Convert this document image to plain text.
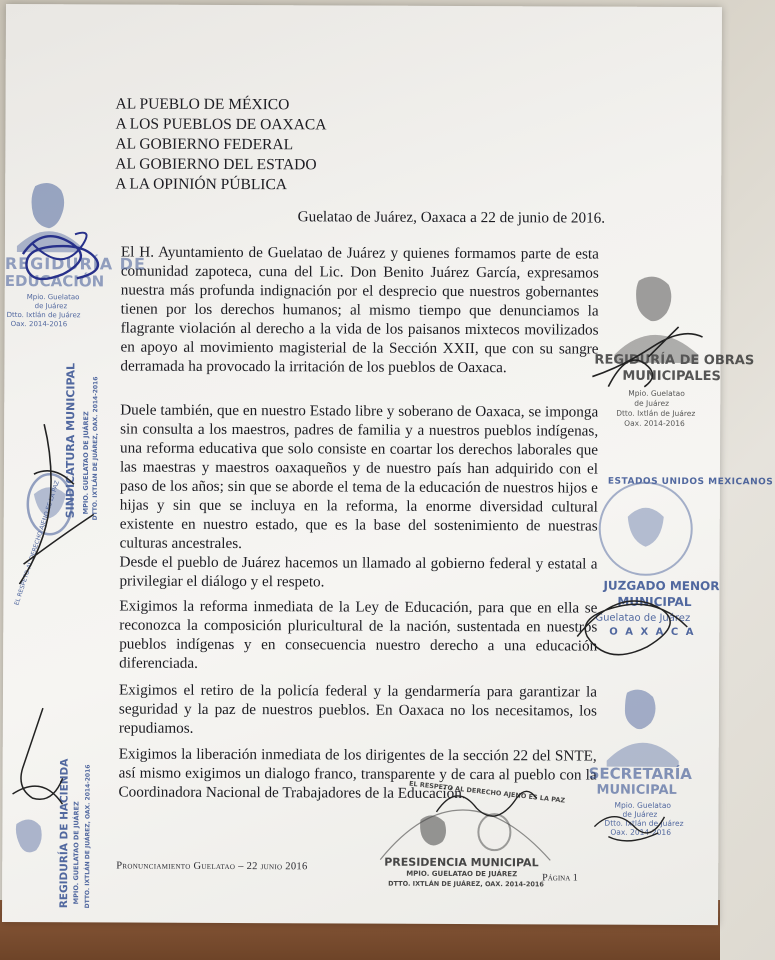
AL PUEBLO DE MÉXICO
A LOS PUEBLOS DE OAXACA
AL GOBIERNO FEDERAL
AL GOBIERNO DEL ESTADO
A LA OPINIÓN PÚBLICA
Guelatao de Juárez, Oaxaca a 22 de junio de 2016.
El H. Ayuntamiento de Guelatao de Juárez y quienes formamos parte de esta comunidad zapoteca, cuna del Lic. Don Benito Juárez García, expresamos nuestra más profunda indignación por el desprecio que nuestros gobernantes tienen por los derechos humanos; al mismo tiempo que denunciamos la flagrante violación al derecho a la vida de los paisanos mixtecos movilizados en apoyo al movimiento magisterial de la Sección XXII, que con su sangre derramada ha provocado la irritación de los pueblos de Oaxaca.
Duele también, que en nuestro Estado libre y soberano de Oaxaca, se imponga sin consulta a los maestros, padres de familia y a nuestros pueblos indígenas, una reforma educativa que solo consiste en coartar los derechos laborales que las maestras y maestros oaxaqueños y de nuestro país han adquirido con el paso de los años; sin que se aborde el tema de la educación de nuestros hijos e hijas y sin que se incluya en la reforma, la enorme diversidad cultural existente en nuestro estado, que es la base del sostenimiento de nuestras culturas ancestrales.
Desde el pueblo de Juárez hacemos un llamado al gobierno federal y estatal a privilegiar el diálogo y el respeto.
Exigimos la reforma inmediata de la Ley de Educación, para que en ella se reconozca la composición pluricultural de la nación, sustentada en nuestros pueblos indígenas y en consecuencia nuestro derecho a una educación diferenciada.
Exigimos el retiro de la policía federal y la gendarmería para garantizar la seguridad y la paz de nuestros pueblos. En Oaxaca no los necesitamos, los repudiamos.
Exigimos la liberación inmediata de los dirigentes de la sección 22 del SNTE, así mismo exigimos un dialogo franco, transparente y de cara al pueblo con la Coordinadora Nacional de Trabajadores de la Educación.
Pronunciamiento Guelatao – 22 junio 2016
Página 1
REGIDURÍA DE
EDUCACIÓN
Mpio. Guelatao
de Juárez
Dtto. Ixtlán de Juárez
Oax. 2014-2016
REGIDURÍA DE OBRAS
MUNICIPALES
Mpio. Guelatao
de Juárez
Dtto. Ixtlán de Juárez
Oax. 2014-2016
SINDICATURA MUNICIPAL MPIO. GUELATAO DE JUÁREZ DTTO. IXTLÁN DE JUÁREZ, OAX. 2014-2016
EL RESPETO AL DERECHO AJENO ES LA PAZ	ESTADOS UNIDOS MEXICANOS
JUZGADO MENOR
MUNICIPAL
Guelatao de Juárez
O A X A C A
REGIDURÍA DE HACIENDA MPIO. GUELATAO DE JUÁREZ DTTO. IXTLÁN DE JUÁREZ, OAX. 2014-2016	SECRETARÍA
MUNICIPAL
Mpio. Guelatao
de Juárez
Dtto. Ixtlán de Juárez
Oax. 2014-2016
EL RESPETO AL DERECHO AJENO ES LA PAZ
PRESIDENCIA MUNICIPAL
MPIO. GUELATAO DE JUÁREZ
DTTO. IXTLÁN DE JUÁREZ, OAX. 2014-2016
